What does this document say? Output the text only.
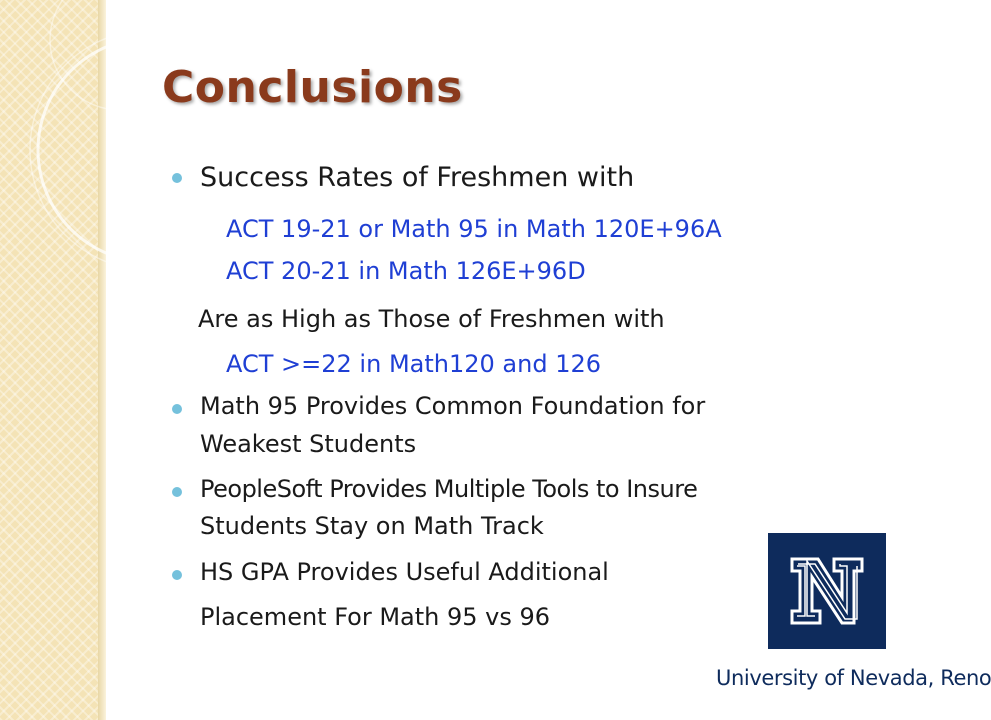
Conclusions
Success Rates of Freshmen with
ACT 19-21 or Math 95 in Math 120E+96A
ACT 20-21 in Math 126E+96D
Are as High as Those of Freshmen with
ACT >=22 in Math120 and 126
Math 95 Provides Common Foundation for
Weakest Students
PeopleSoft Provides Multiple Tools to Insure
Students Stay on Math Track
HS GPA Provides Useful Additional
Placement For Math 95 vs 96
University of Nevada, Reno
